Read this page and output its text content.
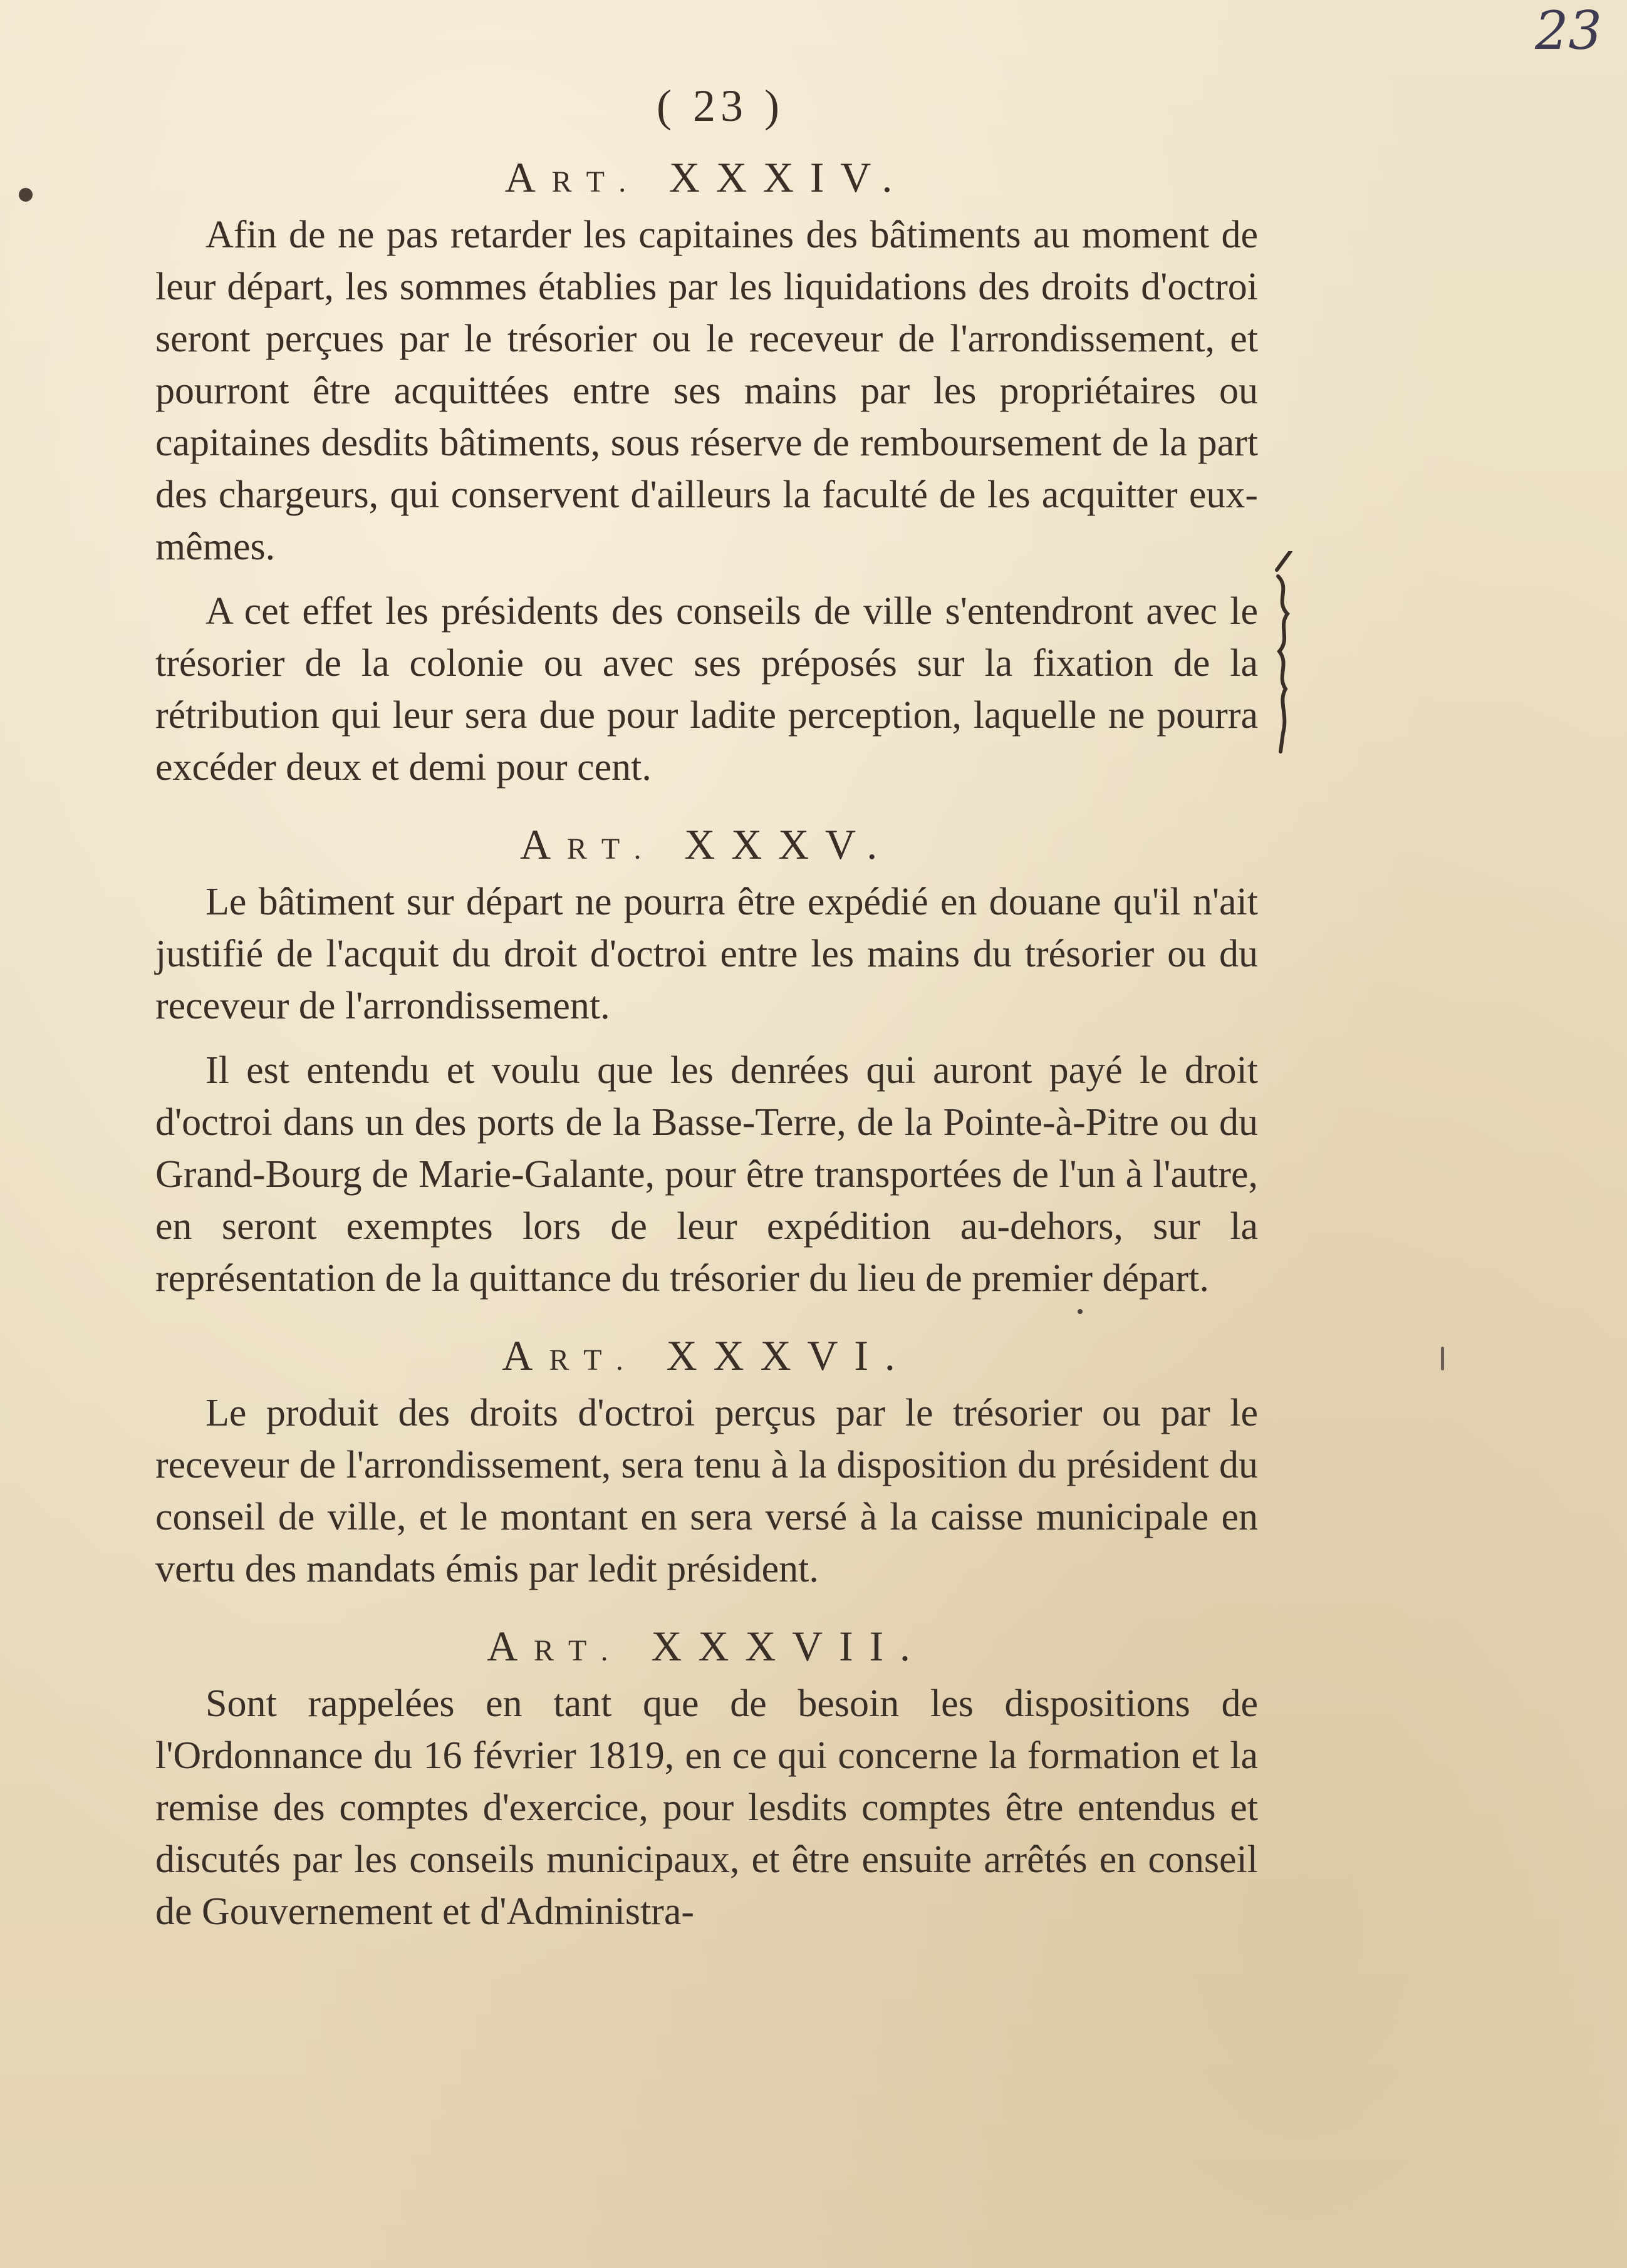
23
( 23 )
ART. XXXIV.

Afin de ne pas retarder les capitaines des bâtiments au moment de leur départ, les sommes établies par les liquidations des droits d'octroi seront perçues par le trésorier ou le receveur de l'arrondissement, et pourront être acquittées entre ses mains par les propriétaires ou capitaines desdits bâtiments, sous réserve de remboursement de la part des chargeurs, qui conservent d'ailleurs la faculté de les acquitter eux-mêmes.

A cet effet les présidents des conseils de ville s'entendront avec le trésorier de la colonie ou avec ses préposés sur la fixation de la rétribution qui leur sera due pour ladite perception, laquelle ne pourra excéder deux et demi pour cent.

ART. XXXV.

Le bâtiment sur départ ne pourra être expédié en douane qu'il n'ait justifié de l'acquit du droit d'octroi entre les mains du trésorier ou du receveur de l'arrondissement.

Il est entendu et voulu que les denrées qui auront payé le droit d'octroi dans un des ports de la Basse-Terre, de la Pointe-à-Pitre ou du Grand-Bourg de Marie-Galante, pour être transportées de l'un à l'autre, en seront exemptes lors de leur expédition au-dehors, sur la représentation de la quittance du trésorier du lieu de premier départ.

ART. XXXVI.

Le produit des droits d'octroi perçus par le trésorier ou par le receveur de l'arrondissement, sera tenu à la disposition du président du conseil de ville, et le montant en sera versé à la caisse municipale en vertu des mandats émis par ledit président.

ART. XXXVII.

Sont rappelées en tant que de besoin les dispositions de l'Ordonnance du 16 février 1819, en ce qui concerne la formation et la remise des comptes d'exercice, pour lesdits comptes être entendus et discutés par les conseils municipaux, et être ensuite arrêtés en conseil de Gouvernement et d'Administra-
